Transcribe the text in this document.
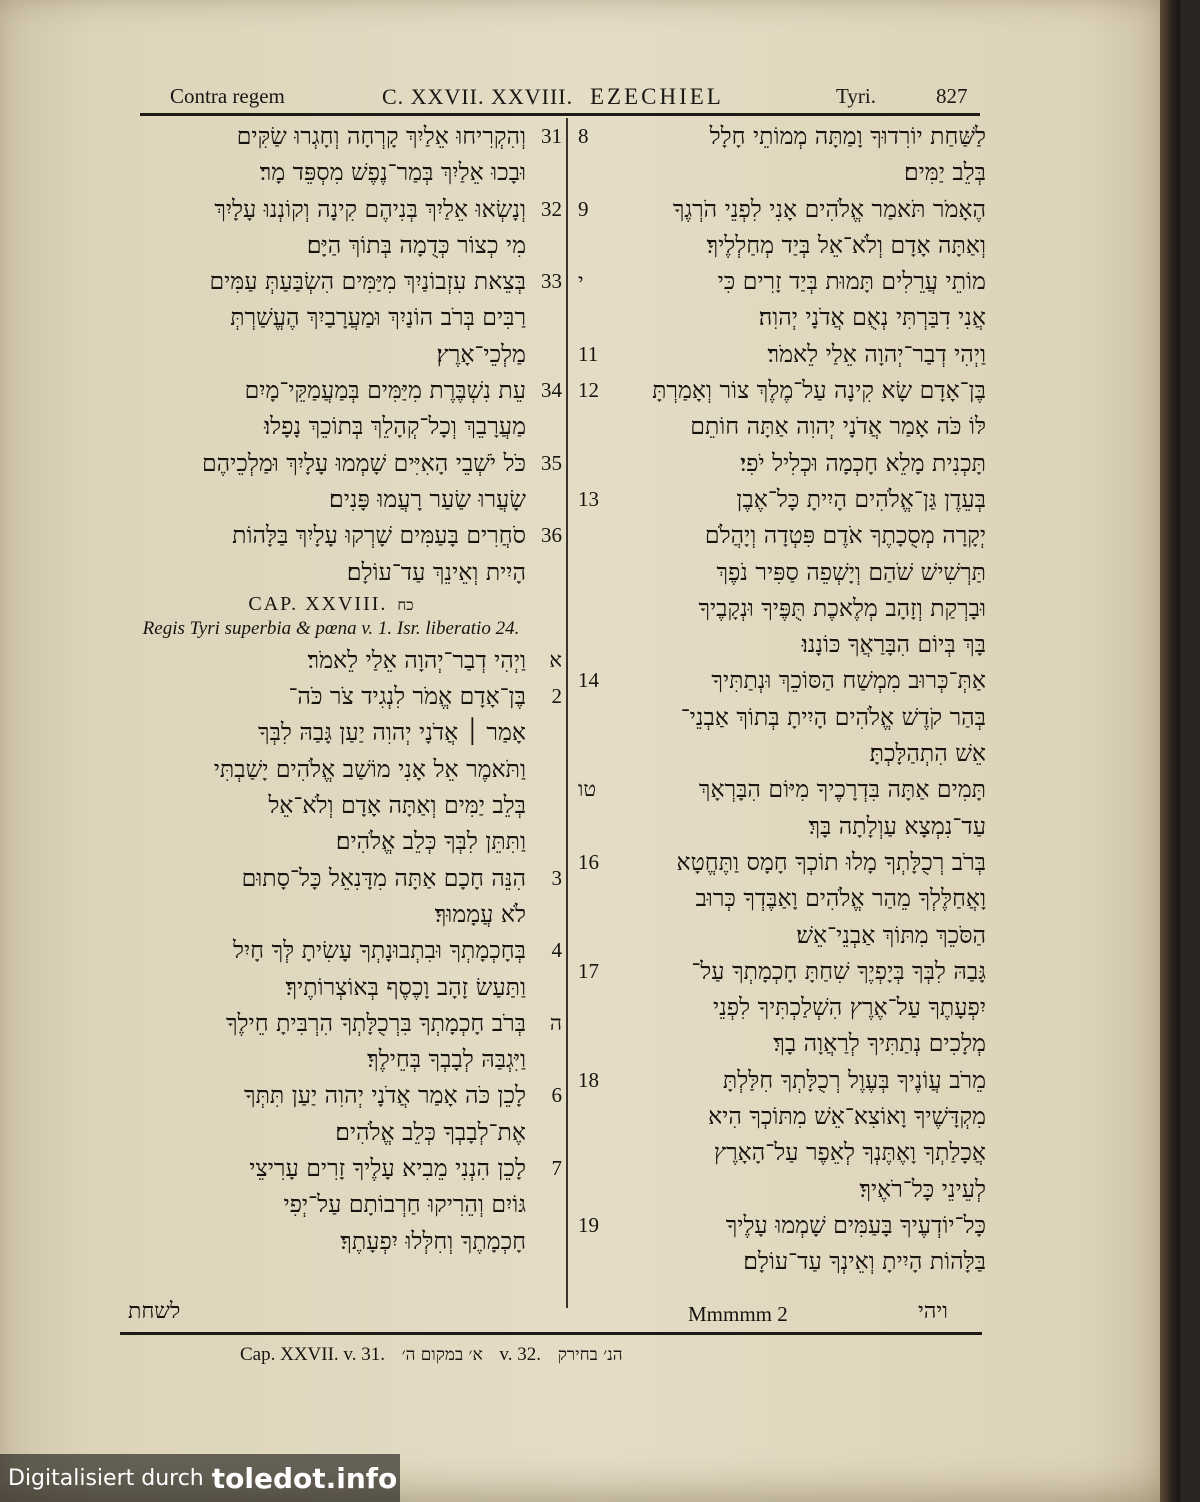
Contra regem	C. XXVII. XXVIII. EZECHIEL	Tyri.	827
31
וְהִקְרִיחוּ אֵלַיִךְ קָרְחָה וְחָגְרוּ שַׂקִּים
וּבָכוּ אֵלַיִךְ בְּמַר־נֶפֶשׁ מִסְפֵּד מָר׃
32
וְנָשְׂאוּ אֵלַיִךְ בְּנִיהֶם קִינָה וְקוֹנְנוּ עָלָיִךְ
מִי כְצוֹר כְּדֻמָה בְּתוֹךְ הַיָּם׃
33
בְּצֵאת עִזְבוֹנַיִךְ מִיַּמִּים הִשְׂבַּעַתְּ עַמִּים
רַבִּים בְּרֹב הוֹנַיִךְ וּמַעֲרָבַיִךְ הֶעֱשַׁרְתְּ
מַלְכֵי־אָרֶץ׃
34
עֵת נִשְׁבֶּרֶת מִיַּמִּים בְּמַעֲמַקֵּי־מָיִם
מַעֲרָבֵךְ וְכָל־קְהָלֵךְ בְּתוֹכֵךְ נָפָלוּ׃
35
כֹּל יֹשְׁבֵי הָאִיִּים שָׁמְמוּ עָלָיִךְ וּמַלְכֵיהֶם
שָׂעֲרוּ שַׂעַר רָעֲמוּ פָּנִים׃
36
סֹחֲרִים בָּעַמִּים שָׁרְקוּ עָלָיִךְ בַּלָּהוֹת
הָיִית וְאֵינֵךְ עַד־עוֹלָם׃
CAP. XXVIII. כח
Regis Tyri superbia & pœna v. 1. Isr. liberatio 24.
א
וַיְהִי דְבַר־יְהוָה אֵלַי לֵאמֹר׃
2
בֶּן־אָדָם אֱמֹר לִנְגִיד צֹר כֹּה־
אָמַר ׀ אֲדֹנָי יְהוִה יַעַן גָּבַהּ לִבְּךָ
וַתֹּאמֶר אֵל אָנִי מוֹשַׁב אֱלֹהִים יָשַׁבְתִּי
בְּלֵב יַמִּים וְאַתָּה אָדָם וְלֹא־אֵל
וַתִּתֵּן לִבְּךָ כְּלֵב אֱלֹהִים׃
3
הִנֵּה חָכָם אַתָּה מִדָּנִאֵל כָּל־סָתוּם
לֹא עֲמָמוּךָ׃
4
בְּחָכְמָתְךָ וּבִתְבוּנָתְךָ עָשִׂיתָ לְּךָ חָיִל
וַתַּעַשׂ זָהָב וָכֶסֶף בְּאוֹצְרוֹתֶיךָ׃
ה
בְּרֹב חָכְמָתְךָ בִּרְכֻלָּתְךָ הִרְבִּיתָ חֵילֶךָ
וַיִּגְבַּהּ לְבָבְךָ בְּחֵילֶךָ׃
6
לָכֵן כֹּה אָמַר אֲדֹנָי יְהוִה יַעַן תִּתְּךָ
אֶת־לְבָבְךָ כְּלֵב אֱלֹהִים׃
7
לָכֵן הִנְנִי מֵבִיא עָלֶיךָ זָרִים עָרִיצֵי
גּוֹיִם וְהֵרִיקוּ חַרְבוֹתָם עַל־יְפִי
חָכְמָתֶךָ וְחִלְּלוּ יִפְעָתֶךָ׃
8	לַשַּׁחַת יוֹרִדוּךָ וָמַתָּה מְמוֹתֵי חָלָל
בְּלֵב יַמִּים׃
9	הֶאָמֹר תֹּאמַר אֱלֹהִים אָנִי לִפְנֵי הֹרְגֶךָ
וְאַתָּה אָדָם וְלֹא־אֵל בְּיַד מְחַלְלֶיךָ׃
י	מוֹתֵי עֲרֵלִים תָּמוּת בְּיַד זָרִים כִּי
אֲנִי דִבַּרְתִּי נְאֻם אֲדֹנָי יְהוִה׃
11	וַיְהִי דְבַר־יְהוָה אֵלַי לֵאמֹר׃
12	בֶּן־אָדָם שָׂא קִינָה עַל־מֶלֶךְ צוֹר וְאָמַרְתָּ
לּוֹ כֹּה אָמַר אֲדֹנָי יְהוִה אַתָּה חוֹתֵם
תָּכְנִית מָלֵא חָכְמָה וּכְלִיל יֹפִי׃
13	בְּעֵדֶן גַּן־אֱלֹהִים הָיִיתָ כָּל־אֶבֶן
יְקָרָה מְסֻכָתֶךָ אֹדֶם פִּטְדָה וְיָהֲלֹם
תַּרְשִׁישׁ שֹׁהַם וְיָשְׁפֵה סַפִּיר נֹפֶךְ
וּבָרְקַת וְזָהָב מְלֶאכֶת תֻּפֶּיךָ וּנְקָבֶיךָ
בָּךְ בְּיוֹם הִבָּרַאֲךָ כּוֹנָנוּ׃
14	אַתְּ־כְּרוּב מִמְשַׁח הַסּוֹכֵךְ וּנְתַתִּיךָ
בְּהַר קֹדֶשׁ אֱלֹהִים הָיִיתָ בְּתוֹךְ אַבְנֵי־
אֵשׁ הִתְהַלָּכְתָּ׃
טו	תָּמִים אַתָּה בִּדְרָכֶיךָ מִיּוֹם הִבָּרְאָךְ
עַד־נִמְצָא עַוְלָתָה בָּךְ׃
16	בְּרֹב רְכֻלָּתְךָ מָלוּ תוֹכְךָ חָמָס וַתֶּחֱטָא
וָאֲחַלֶּלְךָ מֵהַר אֱלֹהִים וָאַבֶּדְךָ כְּרוּב
הַסֹּכֵךְ מִתּוֹךְ אַבְנֵי־אֵשׁ׃
17	גָּבַהּ לִבְּךָ בְּיָפְיֶךָ שִׁחַתָּ חָכְמָתְךָ עַל־
יִפְעָתֶךָ עַל־אֶרֶץ הִשְׁלַכְתִּיךָ לִפְנֵי
מְלָכִים נְתַתִּיךָ לְרַאֲוָה בָךְ׃
18	מֵרֹב עֲוֹנֶיךָ בְּעֶוֶל רְכֻלָּתְךָ חִלַּלְתָּ
מִקְדָּשֶׁיךָ וָאוֹצִא־אֵשׁ מִתּוֹכְךָ הִיא
אֲכָלַתְךָ וָאֶתֶּנְךָ לְאֵפֶר עַל־הָאָרֶץ
לְעֵינֵי כָּל־רֹאֶיךָ׃
19	כָּל־יוֹדְעֶיךָ בָּעַמִּים שָׁמְמוּ עָלֶיךָ
בַּלָּהוֹת הָיִיתָ וְאֵינְךָ עַד־עוֹלָם׃
לשחת	Mmmmm 2	ויהי
Cap. XXVII. v. 31. א׳ במקום ה׳ v. 32. הנ׳ בחירק
Digitalisiert durch toledot.info
